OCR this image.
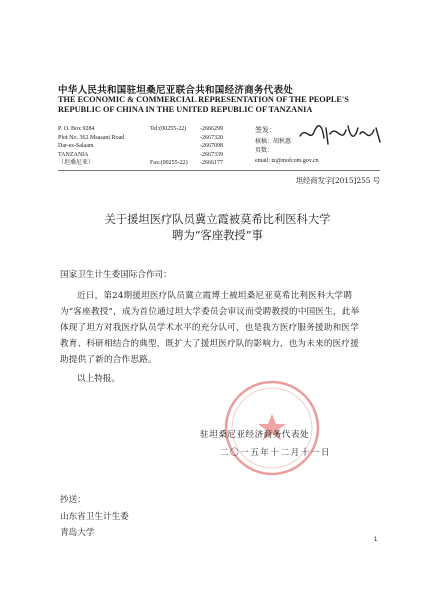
中华人民共和国驻坦桑尼亚联合共和国经济商务代表处
THE ECONOMIC & COMMERCIAL REPRESENTATION OF THE PEOPLE'S REPUBLIC OF CHINA IN THE UNITED REPUBLIC OF TANZANIA
P. O. Box 9284
Plot No. 362 Msasani Road
Dar-es-Salaam
TANZANIA
（坦桑尼亚）
Tel:(00255-22)

Fax:(00255-22)
-2666299
-2667320
-2667098
-2667339
-2666177
签发：
核稿：胡秋惠
页数：
email: tz@mofcom.gov.cn
坦经商发字[2015]255 号
关于援坦医疗队员冀立霞被莫希比利医科大学
聘为“客座教授”事
国家卫生计生委国际合作司：
近日，第24期援坦医疗队员冀立霞博士被坦桑尼亚莫希比利医科大学聘为“客座教授”，成为首位通过坦大学委员会审议而受聘教授的中国医生，此举体现了坦方对我医疗队员学术水平的充分认可，也是我方医疗服务援助和医学教育、科研相结合的典型，既扩大了援坦医疗队的影响力，也为未来的医疗援助提供了新的合作思路。
以上特报。
驻坦桑尼亚经济商务代表处
二〇一五年十二月十一日
抄送：
山东省卫生计生委
青岛大学
1
